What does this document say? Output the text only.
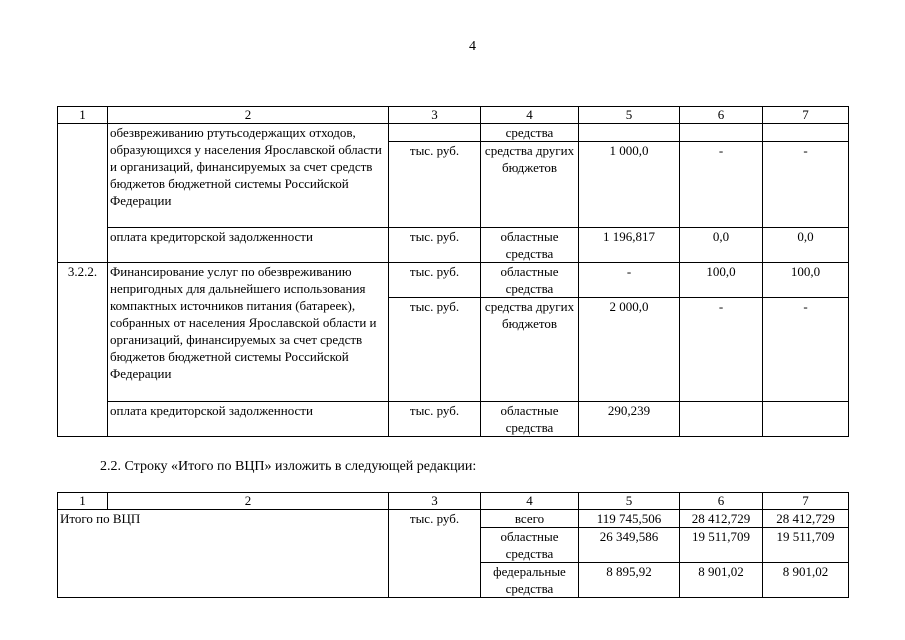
4
1	2	3	4	5	6	7
	обезвреживанию ртутьсодержащих отходов, образующихся у населения Ярославской области и организаций, финансируемых за счет средств бюджетов бюджетной системы Российской Федерации		средства			
		тыс. руб.	средства других бюджетов	1 000,0	-	-
	оплата кредиторской задолженности	тыс. руб.	областные средства	1 196,817	0,0	0,0
3.2.2.	Финансирование услуг по обезвреживанию непригодных для дальнейшего использования компактных источников питания (батареек), собранных от населения Ярославской области и организаций, финансируемых за счет средств бюджетов бюджетной системы Российской Федерации	тыс. руб.	областные средства	-	100,0	100,0
		тыс. руб.	средства других бюджетов	2 000,0	-	-
	оплата кредиторской задолженности	тыс. руб.	областные средства	290,239		
2.2. Строку «Итого по ВЦП» изложить в следующей редакции:
1	2	3	4	5	6	7
Итого по ВЦП		тыс. руб.	всего	119 745,506	28 412,729	28 412,729
			областные средства	26 349,586	19 511,709	19 511,709
			федеральные средства	8 895,92	8 901,02	8 901,02
